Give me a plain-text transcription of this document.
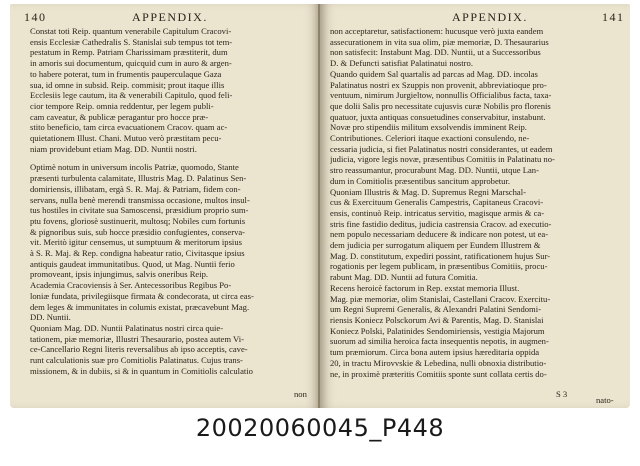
140	APPENDIX.
Constat toti Reip. quantum venerabile Capitulum Cracovi-
ensis Ecclesiæ Cathedralis S. Stanislai sub tempus tot tem-
pestatum in Remp. Patriam Charissimam præstiterit, dum
in amoris sui documentum, quicquid cum in auro & argen-
to habere poterat, tum in frumentis pauperculaque Gaza
sua, id omne in subsid. Reip. commisit; prout itaque illis
Ecclesiis lege cautum, ita & venerabili Capitulo, quod feli-
cior tempore Reip. omnia reddentur, per legem publi-
cam caveatur, & publicæ peragantur pro hocce præ-
stito beneficio, tam circa evacuationem Cracov. quam ac-
quietationem Illust. Chani. Mutuo verò præstitam pecu-
niam providebunt etiam Mag. DD. Nuntii nostri.
Optimè notum in universum incolis Patriæ, quomodo, Stante
præsenti turbulenta calamitate, Illustris Mag. D. Palatinus Sen-
domiriensis, illibatam, ergà S. R. Maj. & Patriam, fidem con-
servans, nulla benè merendi transmissa occasione, multos insul-
tus hostiles in civitate sua Samoscensi, præsidium proprio sum-
ptu fovens, gloriosè sustinuerit, multosq; Nobiles cum fortunis
& pignoribus suis, sub hocce præsidio confugientes, conserva-
vit. Meritò igitur censemus, ut sumptuum & meritorum ipsius
à S. R. Maj. & Rep. condigna habeatur ratio, Civitasque ipsius
antiquis gaudeat immunitatibus. Quod, ut Mag. Nuntii ferio
promoveant, ipsis injungimus, salvis oneribus Reip.
Academia Cracoviensis à Ser. Antecessoribus Regibus Po-
loniæ fundata, privilegiisque firmata & condecorata, ut circa eas-
dem leges & immunitates in columis existat, præcavebunt Mag.
DD. Nuntii.
Quoniam Mag. DD. Nuntii Palatinatus nostri circa quie-
tationem, piæ memoriæ, Illustri Thesaurario, postea autem Vi-
ce-Cancellario Regni literis reversalibus ab ipso acceptis, cave-
runt calculationis suæ pro Comitiolis Palatinatus. Cujus trans-
missionem, & in dubiis, si & in quantum in Comitiolis calculatio
non
APPENDIX.	141
non acceptaretur, satisfactionem: hucusque verò juxta eandem
assecurationem in vita sua olim, piæ memoriæ, D. Thesaurarius
non satisfecit: Instabunt Mag. DD. Nuntii, ut a Successoribus
D. & Defuncti satisfiat Palatinatui nostro.
Quando quidem Sal quartalis ad parcas ad Mag. DD. incolas
Palatinatus nostri ex Szuppis non provenit, abbreviatioque pro-
ventuum, nimirum Jurgieltow, nonnullis Officialibus facta, taxa-
que dolii Salis pro necessitate cujusvis curæ Nobilis pro florenis
quatuor, juxta antiquas consuetudines conservabitur, instabunt.
Novæ pro stipendiis militum exsolvendis imminent Reip.
Contributiones. Celeriori itaque exactioni consulendo, ne-
cessaria judicia, si fiet Palatinatus nostri considerantes, ut eadem
judicia, vigore legis novæ, præsentibus Comitiis in Palatinatu no-
stro reassumantur, procurabunt Mag. DD. Nuntii, utque Lan-
dum in Comitiolis præsentibus sancitum approbetur.
Quoniam Illustris & Mag. D. Supremus Regni Marschal-
cus & Exercituum Generalis Campestris, Capitaneus Cracovi-
ensis, continuò Reip. intricatus servitio, magisque armis & ca-
stris fine fastidio deditus, judicia castrensia Cracov. ad executio-
nem populo necessariam deducere & indicare non potest, ut ea-
dem judicia per surrogatum aliquem per Eundem Illustrem &
Mag. D. constitutum, expediri possint, ratificationem hujus Sur-
rogationis per legem publicam, in præsentibus Comitiis, procu-
rabunt Mag. DD. Nuntii ad futura Comitia.
Recens heroicè factorum in Rep. exstat memoria Illust.
Mag. piæ memoriæ, olim Stanislai, Castellani Cracov. Exercitu-
um Regni Supremi Generalis, & Alexandri Palatini Sendomi-
riensis Koniecz Polsckorum Avi & Parentis, Mag. D. Stanislai
Koniecz Polski, Palatinides Sendomiriensis, vestigia Majorum
suorum ad similia heroica facta insequentis nepotis, in augmen-
tum præmiorum. Circa bona autem ipsius hæreditaria oppida
20, in tractu Mirovvskie & Lebedina, nulli obnoxia distributio-
ne, in proximè præteritis Comitiis sponte sunt collata certis do-
S 3
nato-
20020060045_P448
